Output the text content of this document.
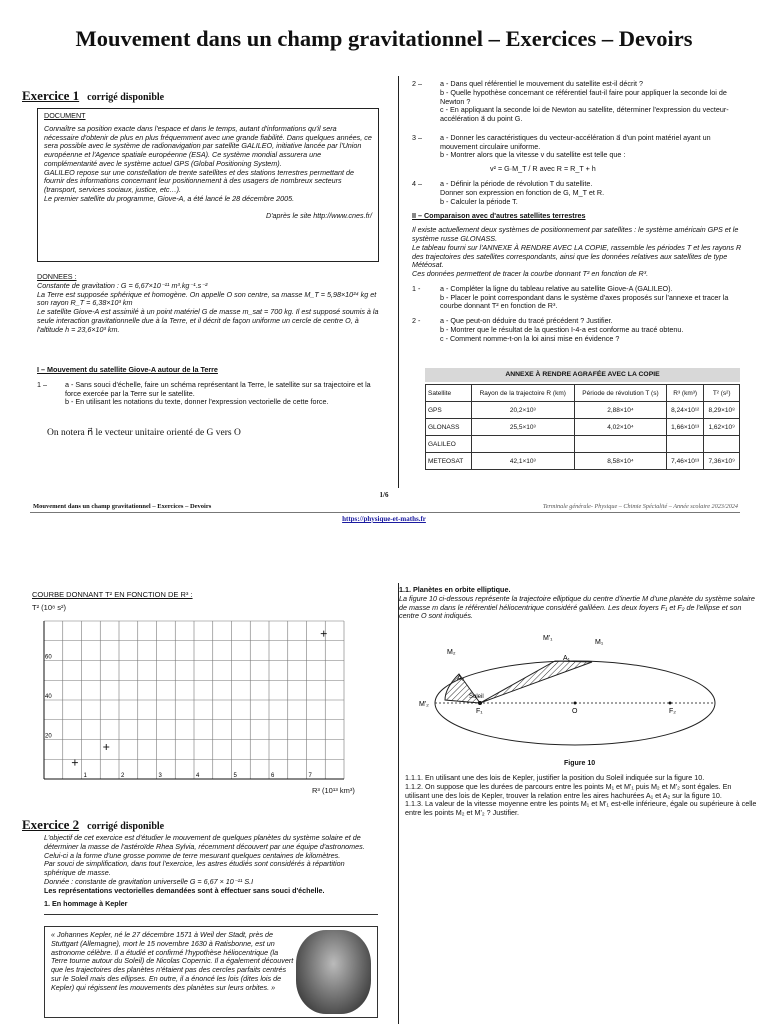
Mouvement dans un champ gravitationnel – Exercices – Devoirs
Exercice 1 corrigé disponible
DOCUMENT
Connaître sa position exacte dans l'espace et dans le temps, autant d'informations qu'il sera nécessaire d'obtenir de plus en plus fréquemment avec une grande fiabilité. Dans quelques années, ce sera possible avec le système de radionavigation par satellite GALILEO, initiative lancée par l'Union européenne et l'Agence spatiale européenne (ESA). Ce système mondial assurera une complémentarité avec le système actuel GPS (Global Positioning System).
GALILEO repose sur une constellation de trente satellites et des stations terrestres permettant de fournir des informations concernant leur positionnement à des usagers de nombreux secteurs (transport, services sociaux, justice, etc…).
Le premier satellite du programme, Giove-A, a été lancé le 28 décembre 2005.
D'après le site http://www.cnes.fr/
DONNEES :
Constante de gravitation : G = 6,67×10⁻¹¹ m³.kg⁻¹.s⁻²
La Terre est supposée sphérique et homogène. On appelle O son centre, sa masse M_T = 5,98×10²⁴ kg et son rayon R_T = 6,38×10³ km
Le satellite Giove-A est assimilé à un point matériel G de masse m_sat = 700 kg. Il est supposé soumis à la seule interaction gravitationnelle due à la Terre, et il décrit de façon uniforme un cercle de centre O, à l'altitude h = 23,6×10³ km.
I – Mouvement du satellite Giove-A autour de la Terre
1 –	a - Sans souci d'échelle, faire un schéma représentant la Terre, le satellite sur sa trajectoire et la force exercée par la Terre sur le satellite.
b - En utilisant les notations du texte, donner l'expression vectorielle de cette force.
On notera n⃗ le vecteur unitaire orienté de G vers O
2 –	a - Dans quel référentiel le mouvement du satellite est-il décrit ?
b - Quelle hypothèse concernant ce référentiel faut-il faire pour appliquer la seconde loi de Newton ?
c - En appliquant la seconde loi de Newton au satellite, déterminer l'expression du vecteur-accélération a⃗ du point G.
3 –	a - Donner les caractéristiques du vecteur-accélération a⃗ d'un point matériel ayant un mouvement circulaire uniforme.
b - Montrer alors que la vitesse v du satellite est telle que :
v² = G·M_T / R avec R = R_T + h
4 –	a - Définir la période de révolution T du satellite.
Donner son expression en fonction de G, M_T et R.
b - Calculer la période T.
II – Comparaison avec d'autres satellites terrestres
Il existe actuellement deux systèmes de positionnement par satellites : le système américain GPS et le système russe GLONASS.
Le tableau fourni sur l'ANNEXE À RENDRE AVEC LA COPIE, rassemble les périodes T et les rayons R des trajectoires des satellites correspondants, ainsi que les données relatives aux satellites de type Météosat.
Ces données permettent de tracer la courbe donnant T² en fonction de R³.
1 -	a - Compléter la ligne du tableau relative au satellite Giove-A (GALILEO).
b - Placer le point correspondant dans le système d'axes proposés sur l'annexe et tracer la courbe donnant T² en fonction de R³.
2 -	a - Que peut-on déduire du tracé précédent ? Justifier.
b - Montrer que le résultat de la question I-4-a est conforme au tracé obtenu.
c - Comment nomme-t-on la loi ainsi mise en évidence ?
ANNEXE À RENDRE AGRAFÉE AVEC LA COPIE
Satellite	Rayon de la trajectoire R (km)	Période de révolution T (s)	R³ (km³)	T² (s²)
GPS	20,2×10³	2,88×10⁴	8,24×10¹²	8,29×10⁸
GLONASS	25,5×10³	4,02×10⁴	1,66×10¹³	1,62×10⁹
GALILEO				
METEOSAT	42,1×10³	8,58×10⁴	7,46×10¹³	7,36×10⁹
1/6
Mouvement dans un champ gravitationnel – Exercices – Devoirs	Terminale générale- Physique – Chimie Spécialité – Année scolaire 2023/2024
https://physique-et-maths.fr
COURBE DONNANT T² EN FONCTION DE R³ :
T² (10⁸ s²)
R³ (10¹³ km³)
1	2	3	4	5	6	7
20
40
60
1.1. Planètes en orbite elliptique.
La figure 10 ci-dessous représente la trajectoire elliptique du centre d'inertie M d'une planète du système solaire de masse m dans le référentiel héliocentrique considéré galiléen. Les deux foyers F₁ et F₂ de l'ellipse et son centre O sont indiqués.
M'₁
M₁
M₂
A₁
A₂
M'₂
Soleil
F₁	O	F₂
Figure 10
1.1.1. En utilisant une des lois de Kepler, justifier la position du Soleil indiquée sur la figure 10.
1.1.2. On suppose que les durées de parcours entre les points M₁ et M'₁ puis M₂ et M'₂ sont égales. En utilisant une des lois de Kepler, trouver la relation entre les aires hachurées A₁ et A₂ sur la figure 10.
1.1.3. La valeur de la vitesse moyenne entre les points M₁ et M'₁ est-elle inférieure, égale ou supérieure à celle entre les points M₂ et M'₂ ? Justifier.
Exercice 2 corrigé disponible
L'objectif de cet exercice est d'étudier le mouvement de quelques planètes du système solaire et de déterminer la masse de l'astéroïde Rhea Sylvia, récemment découvert par une équipe d'astronomes. Celui-ci a la forme d'une grosse pomme de terre mesurant quelques centaines de kilomètres.
Par souci de simplification, dans tout l'exercice, les astres étudiés sont considérés à répartition sphérique de masse.
Donnée : constante de gravitation universelle G = 6,67 × 10⁻¹¹ S.I
Les représentations vectorielles demandées sont à effectuer sans souci d'échelle.
1. En hommage à Kepler
« Johannes Kepler, né le 27 décembre 1571 à Weil der Stadt, près de Stuttgart (Allemagne), mort le 15 novembre 1630 à Ratisbonne, est un astronome célèbre. Il a étudié et confirmé l'hypothèse héliocentrique (la Terre tourne autour du Soleil) de Nicolas Copernic. Il a également découvert que les trajectoires des planètes n'étaient pas des cercles parfaits centrés sur le Soleil mais des ellipses. En outre, il a énoncé les lois (dites lois de Kepler) qui régissent les mouvements des planètes sur leurs orbites. »
